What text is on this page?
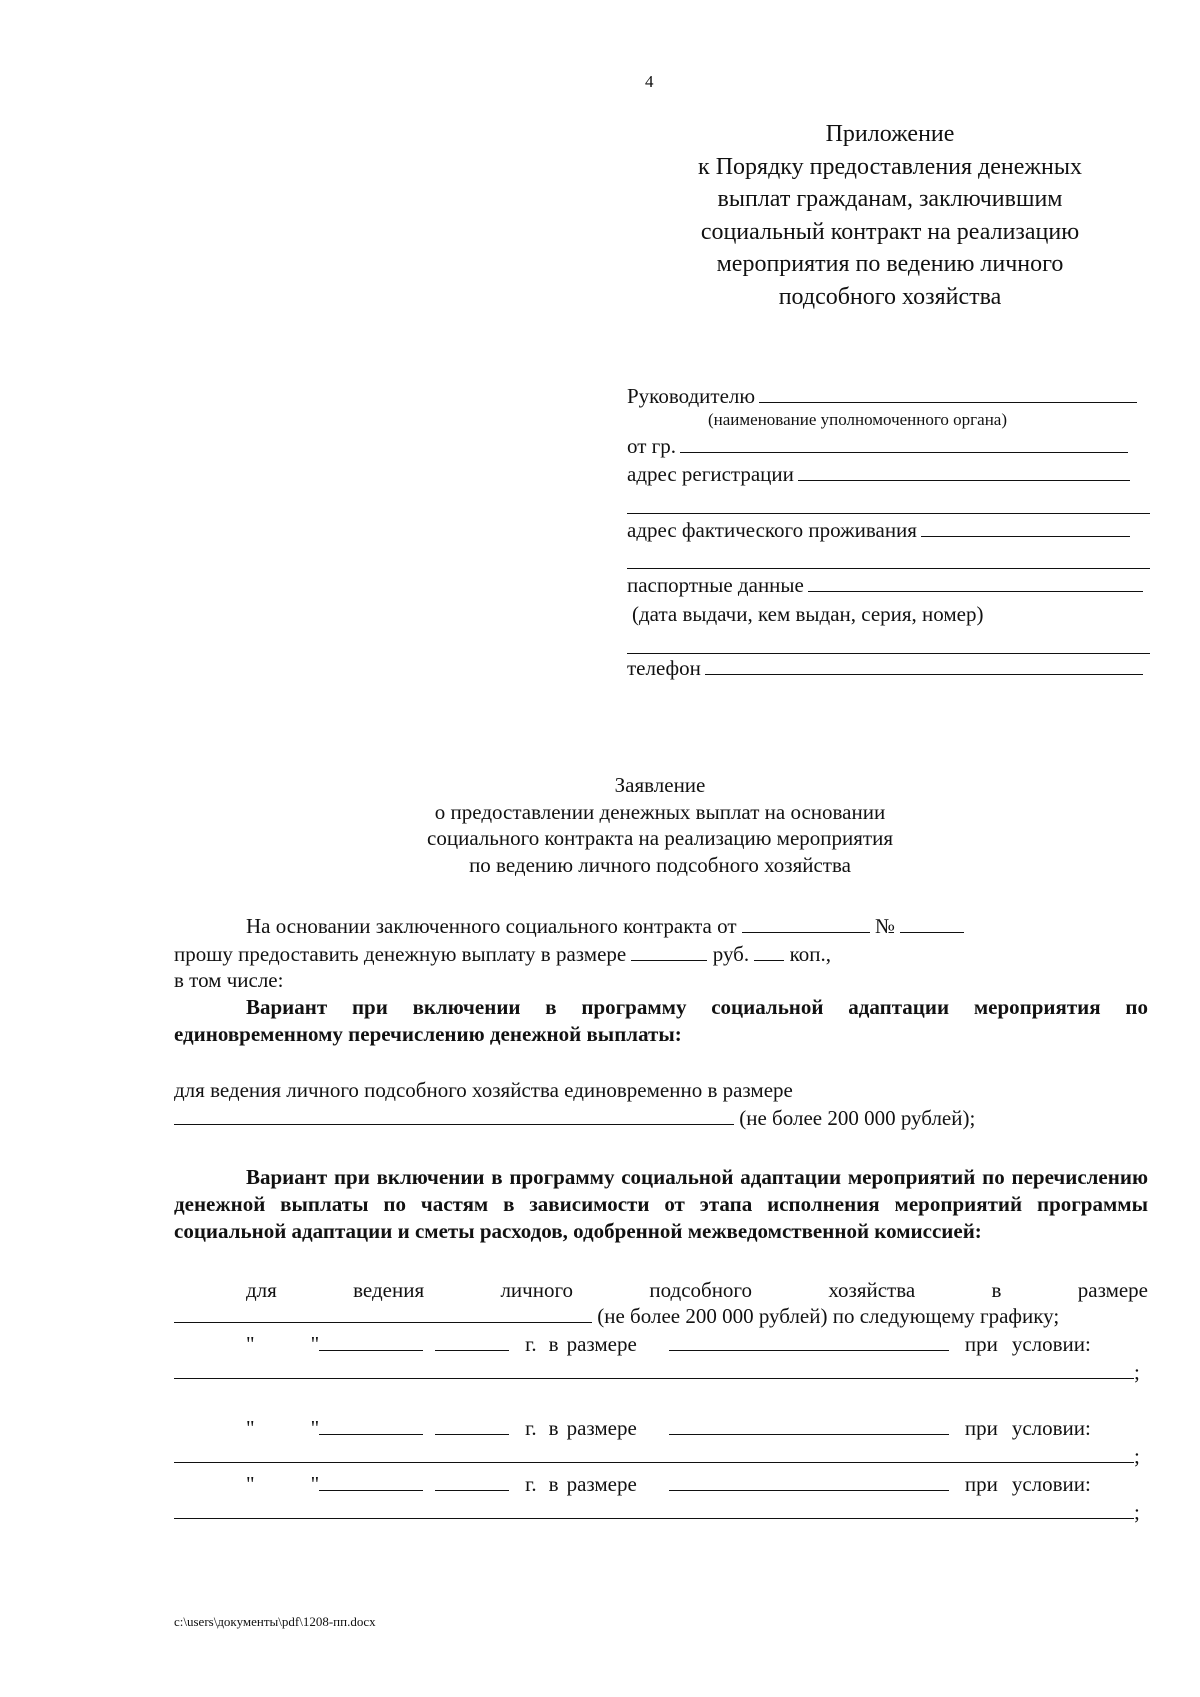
4
Приложение
к Порядку предоставления денежных
выплат гражданам, заключившим
социальный контракт на реализацию
мероприятия по ведению личного
подсобного хозяйства
Руководителю
(наименование уполномоченного органа)
от гр.
адрес регистрации
адрес фактического проживания
паспортные данные
(дата выдачи, кем выдан, серия, номер)
телефон
Заявление
о предоставлении денежных выплат на основании
социального контракта на реализацию мероприятия
по ведению личного подсобного хозяйства
На основании заключенного социального контракта от	№
прошу предоставить денежную выплату в размере	руб. коп.,
в том числе:
Вариант при включении в программу социальной адаптации мероприятия по единовременному перечислению денежной выплаты:
для ведения личного подсобного хозяйства единовременно в размере
(не более 200 000 рублей);
Вариант при включении в программу социальной адаптации мероприятий по перечислению денежной выплаты по частям в зависимости от этапа исполнения мероприятий программы социальной адаптации и сметы расходов, одобренной межведомственной комиссией:
для ведения личного подсобного хозяйства в размере
(не более 200 000 рублей) по следующему графику;
"	"	г. в размере	при условии:
;
"	"	г. в размере	при условии:
;
"	"	г. в размере	при условии:
;
c:\users\документы\pdf\1208-пп.docx
